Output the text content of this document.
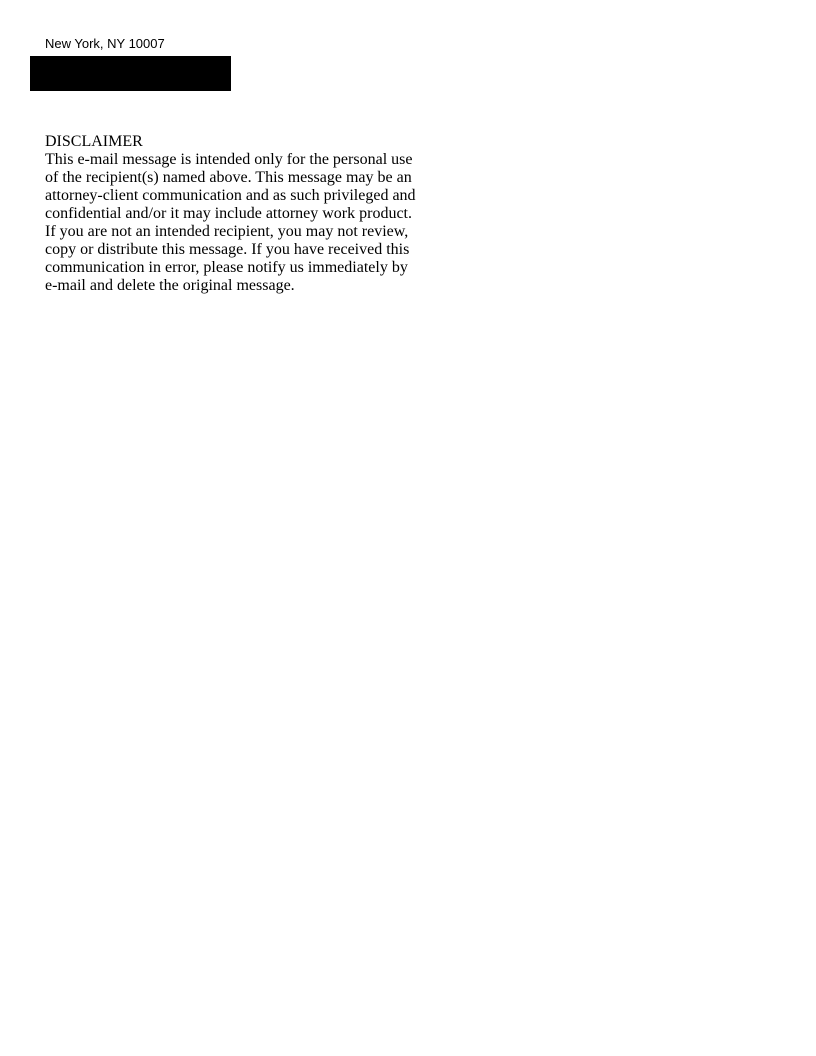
New York, NY 10007
DISCLAIMER
This e-mail message is intended only for the personal use
of the recipient(s) named above. This message may be an
attorney-client communication and as such privileged and
confidential and/or it may include attorney work product.
If you are not an intended recipient, you may not review,
copy or distribute this message. If you have received this
communication in error, please notify us immediately by
e-mail and delete the original message.
